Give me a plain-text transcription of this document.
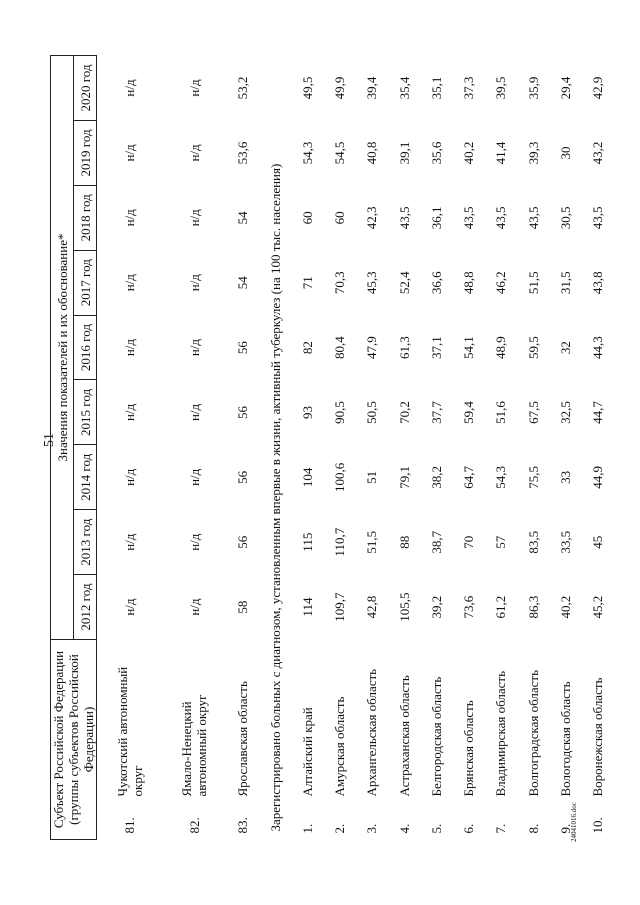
51
Субъект Российской Федерации (группы субъектов Российской Федерации)		Значения показателей и их обоснование*								
		2012 год	2013 год	2014 год	2015 год	2016 год	2017 год	2018 год	2019 год	2020 год
81.	Чукотский автономный округ	н/д	н/д	н/д	н/д	н/д	н/д	н/д	н/д	н/д
82.	Ямало-Ненецкий автономный округ	н/д	н/д	н/д	н/д	н/д	н/д	н/д	н/д	н/д
83.	Ярославская область	58	56	56	56	56	54	54	53,6	53,2
Зарегистрировано больных с диагнозом, установленным впервые в жизни, активный туберкулез (на 100 тыс. населения)										
1.	Алтайский край	114	115	104	93	82	71	60	54,3	49,5
2.	Амурская область	109,7	110,7	100,6	90,5	80,4	70,3	60	54,5	49,9
3.	Архангельская область	42,8	51,5	51	50,5	47,9	45,3	42,3	40,8	39,4
4.	Астраханская область	105,5	88	79,1	70,2	61,3	52,4	43,5	39,1	35,4
5.	Белгородская область	39,2	38,7	38,2	37,7	37,1	36,6	36,1	35,6	35,1
6.	Брянская область	73,6	70	64,7	59,4	54,1	48,8	43,5	40,2	37,3
7.	Владимирская область	61,2	57	54,3	51,6	48,9	46,2	43,5	41,4	39,5
8.	Волгоградская область	86,3	83,5	75,5	67,5	59,5	51,5	43,5	39,3	35,9
9.	Вологодская область	40,2	33,5	33	32,5	32	31,5	30,5	30	29,4
10.	Воронежская область	45,2	45	44,9	44,7	44,3	43,8	43,5	43,2	42,9
24041016.doc
